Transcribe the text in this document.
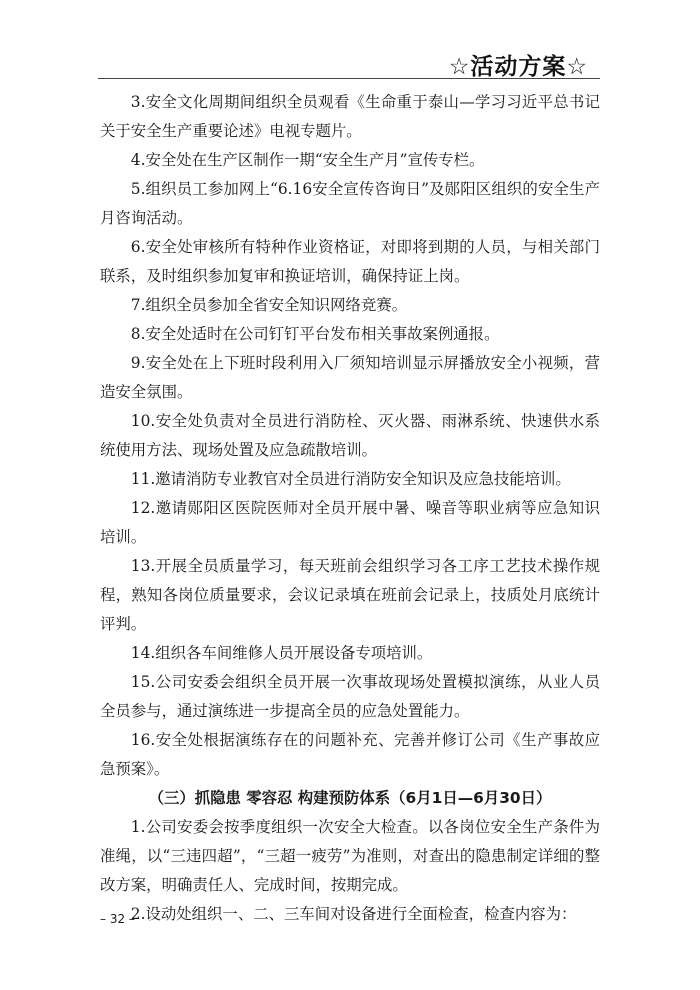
☆活动方案☆

3.安全文化周期间组织全员观看《生命重于泰山—学习习近平总书记关于安全生产重要论述》电视专题片。

4.安全处在生产区制作一期“安全生产月”宣传专栏。

5.组织员工参加网上“6.16安全宣传咨询日”及郧阳区组织的安全生产月咨询活动。

6.安全处审核所有特种作业资格证，对即将到期的人员，与相关部门联系，及时组织参加复审和换证培训，确保持证上岗。

7.组织全员参加全省安全知识网络竞赛。

8.安全处适时在公司钉钉平台发布相关事故案例通报。

9.安全处在上下班时段利用入厂须知培训显示屏播放安全小视频，营造安全氛围。

10.安全处负责对全员进行消防栓、灭火器、雨淋系统、快速供水系统使用方法、现场处置及应急疏散培训。

11.邀请消防专业教官对全员进行消防安全知识及应急技能培训。

12.邀请郧阳区医院医师对全员开展中暑、噪音等职业病等应急知识培训。

13.开展全员质量学习，每天班前会组织学习各工序工艺技术操作规程，熟知各岗位质量要求，会议记录填在班前会记录上，技质处月底统计评判。

14.组织各车间维修人员开展设备专项培训。

15.公司安委会组织全员开展一次事故现场处置模拟演练，从业人员全员参与，通过演练进一步提高全员的应急处置能力。

16.安全处根据演练存在的问题补充、完善并修订公司《生产事故应急预案》。

（三）抓隐患 零容忍 构建预防体系（6月1日—6月30日）

1.公司安委会按季度组织一次安全大检查。以各岗位安全生产条件为准绳，以“三违四超”，“三超一疲劳”为准则，对查出的隐患制定详细的整改方案，明确责任人、完成时间，按期完成。

2.设动处组织一、二、三车间对设备进行全面检查，检查内容为：

– 32 –
